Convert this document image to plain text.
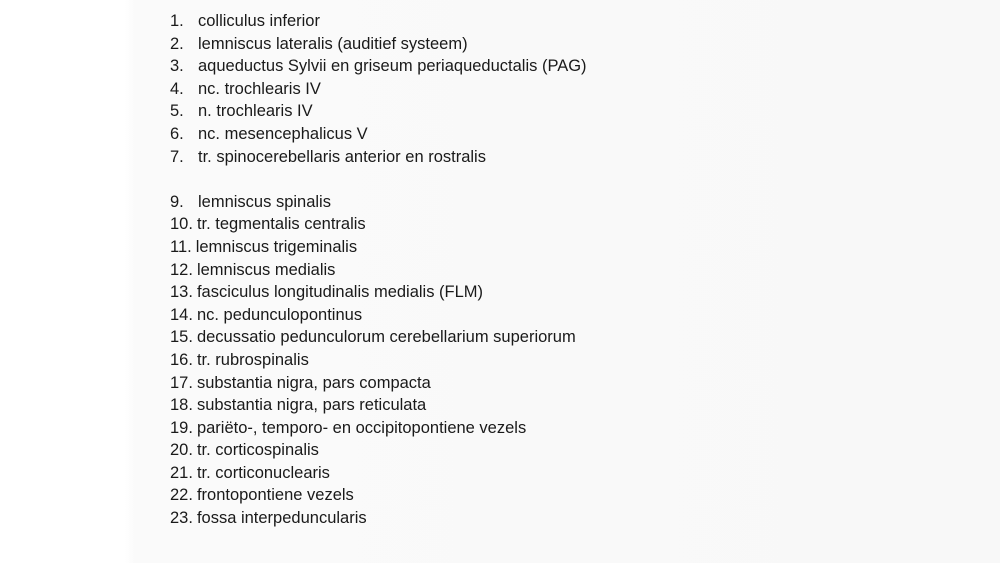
1. colliculus inferior
2. lemniscus lateralis (auditief systeem)
3. aqueductus Sylvii en griseum periaqueductalis (PAG)
4. nc. trochlearis IV
5. n. trochlearis IV
6. nc. mesencephalicus V
7. tr. spinocerebellaris anterior en rostralis
9. lemniscus spinalis
10. tr. tegmentalis centralis
11. lemniscus trigeminalis
12. lemniscus medialis
13. fasciculus longitudinalis medialis (FLM)
14. nc. pedunculopontinus
15. decussatio pedunculorum cerebellarium superiorum
16. tr. rubrospinalis
17. substantia nigra, pars compacta
18. substantia nigra, pars reticulata
19. pariëto-, temporo- en occipitopontiene vezels
20. tr. corticospinalis
21. tr. corticonuclearis
22. frontopontiene vezels
23. fossa interpeduncularis
